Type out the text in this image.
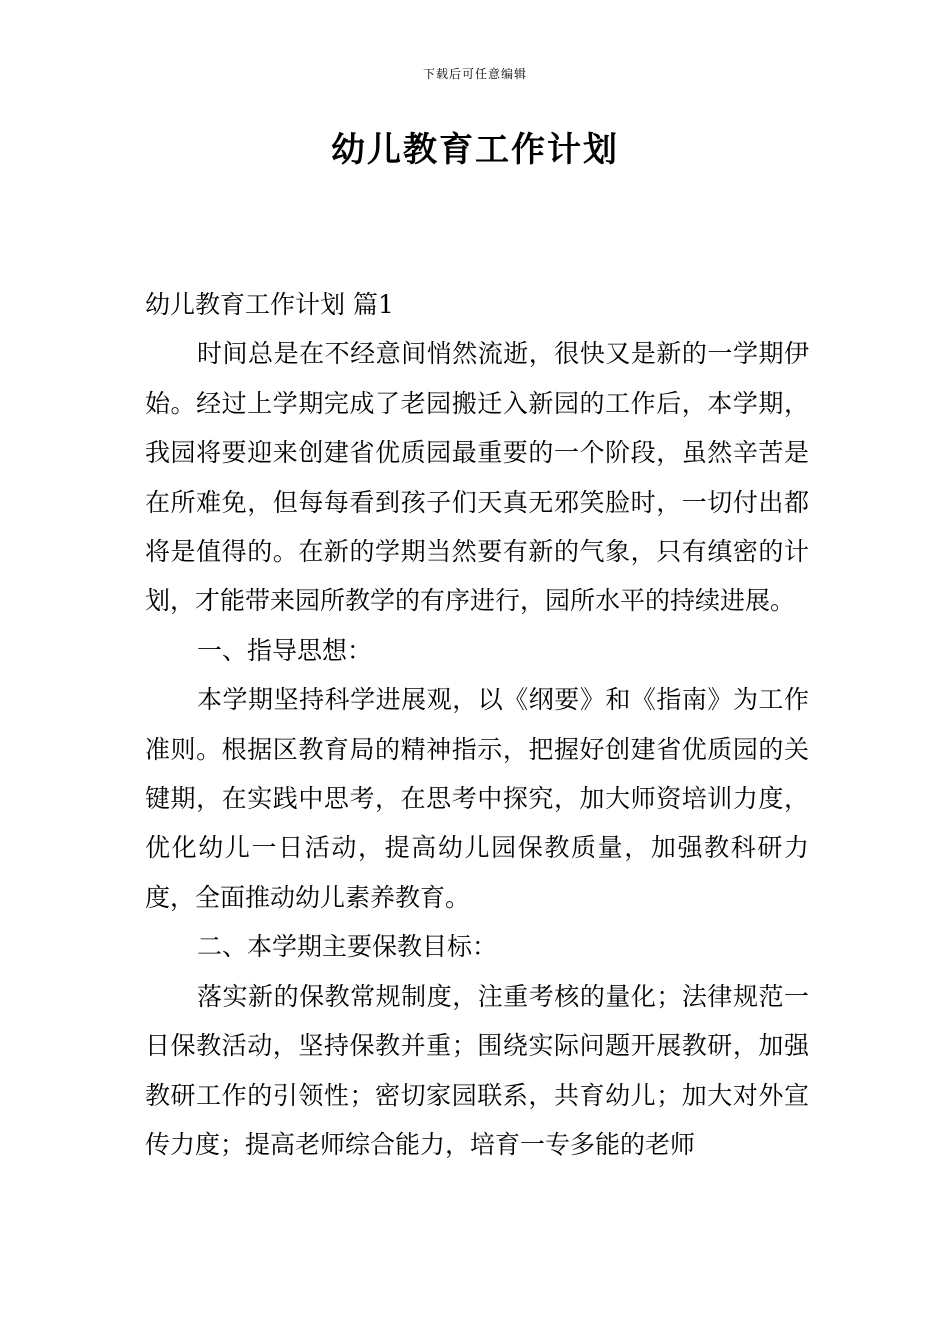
下载后可任意编辑
幼儿教育工作计划

幼儿教育工作计划 篇1

时间总是在不经意间悄然流逝，很快又是新的一学期伊始。经过上学期完成了老园搬迁入新园的工作后，本学期，我园将要迎来创建省优质园最重要的一个阶段，虽然辛苦是在所难免，但每每看到孩子们天真无邪笑脸时，一切付出都将是值得的。在新的学期当然要有新的气象，只有缜密的计划，才能带来园所教学的有序进行，园所水平的持续进展。

一、指导思想：

本学期坚持科学进展观，以《纲要》和《指南》为工作准则。根据区教育局的精神指示，把握好创建省优质园的关键期，在实践中思考，在思考中探究，加大师资培训力度，优化幼儿一日活动，提高幼儿园保教质量，加强教科研力度，全面推动幼儿素养教育。

二、本学期主要保教目标：

落实新的保教常规制度，注重考核的量化；法律规范一日保教活动，坚持保教并重；围绕实际问题开展教研，加强教研工作的引领性；密切家园联系，共育幼儿；加大对外宣传力度；提高老师综合能力，培育一专多能的老师
